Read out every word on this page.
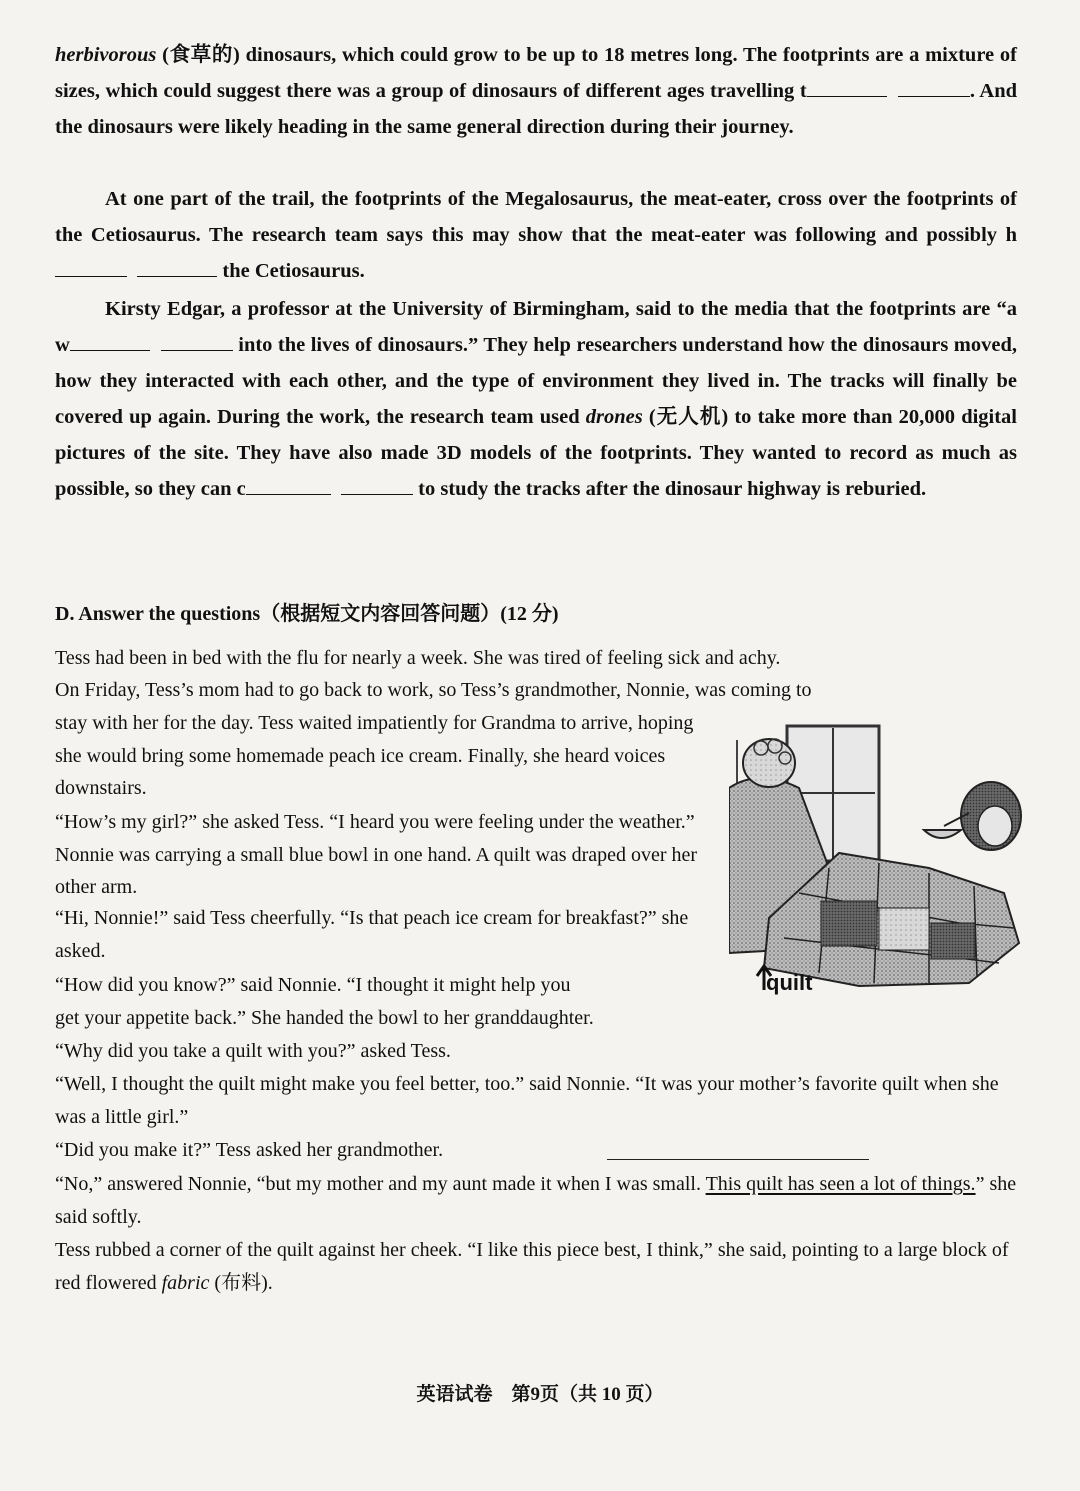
herbivorous (食草的) dinosaurs, which could grow to be up to 18 metres long. The footprints are a mixture of sizes, which could suggest there was a group of dinosaurs of different ages travelling t	. And the dinosaurs were likely heading in the same general direction during their journey.

At one part of the trail, the footprints of the Megalosaurus, the meat-eater, cross over the footprints of the Cetiosaurus. The research team says this may show that the meat-eater was following and possibly h   the Cetiosaurus.

Kirsty Edgar, a professor at the University of Birmingham, said to the media that the footprints are “a w	into the lives of dinosaurs.” They help researchers understand how the dinosaurs moved, how they interacted with each other, and the type of environment they lived in. The tracks will finally be covered up again. During the work, the research team used drones (无人机) to take more than 20,000 digital pictures of the site. They have also made 3D models of the footprints. They wanted to record as much as possible, so they can c	to study the tracks after the dinosaur highway is reburied.

D. Answer the questions（根据短文内容回答问题）(12 分)

Tess had been in bed with the flu for nearly a week. She was tired of feeling sick and achy.

On Friday, Tess’s mom had to go back to work, so Tess’s grandmother, Nonnie, was coming to

stay with her for the day. Tess waited impatiently for Grandma to arrive, hoping she would bring some homemade peach ice cream. Finally, she heard voices downstairs.

“How’s my girl?” she asked Tess. “I heard you were feeling under the weather.” Nonnie was carrying a small blue bowl in one hand. A quilt was draped over her other arm.

“Hi, Nonnie!” said Tess cheerfully. “Is that peach ice cream for breakfast?” she asked.

“How did you know?” said Nonnie. “I thought it might help you

get your appetite back.” She handed the bowl to her granddaughter.

“Why did you take a quilt with you?” asked Tess.

“Well, I thought the quilt might make you feel better, too.” said Nonnie. “It was your mother’s favorite quilt when she was a little girl.”

“Did you make it?” Tess asked her grandmother.

“No,” answered Nonnie, “but my mother and my aunt made it when I was small. This quilt has seen a lot of things.” she said softly.

Tess rubbed a corner of the quilt against her cheek. “I like this piece best, I think,” she said, pointing to a large block of red flowered fabric (布料).

quilt
英语试卷　第9页（共 10 页）
